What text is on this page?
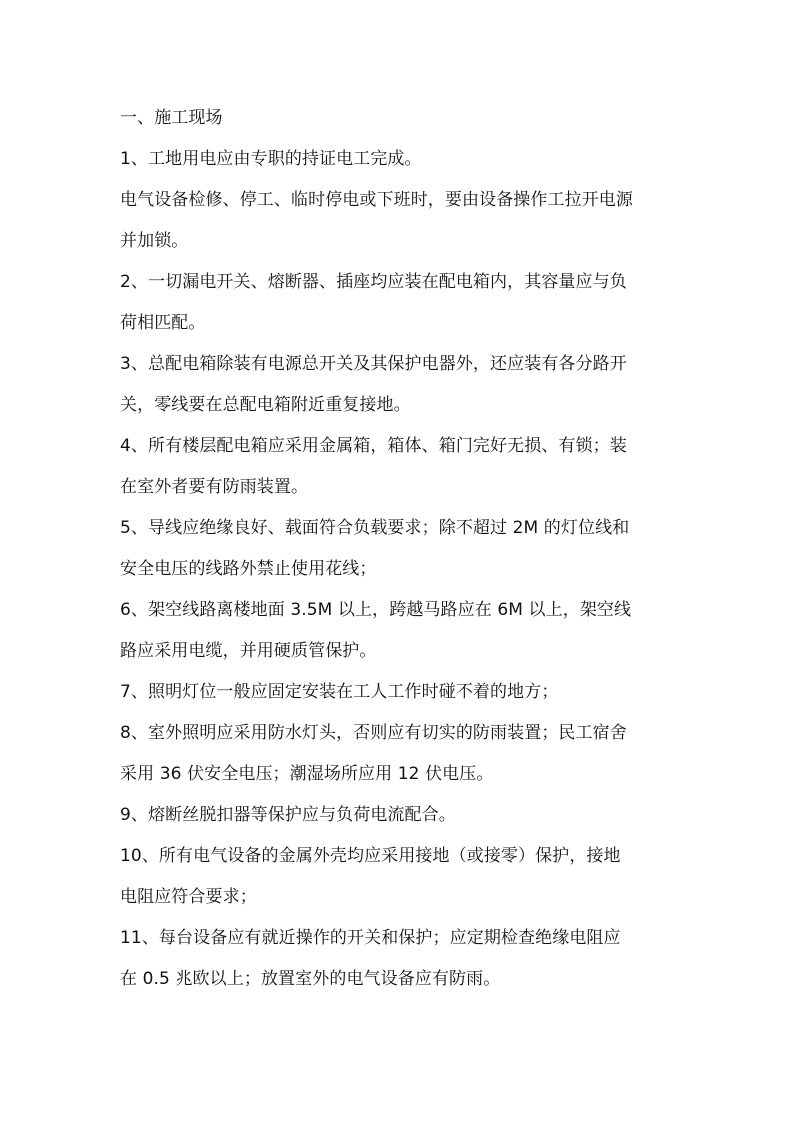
一、施工现场
1、工地用电应由专职的持证电工完成。
电气设备检修、停工、临时停电或下班时，要由设备操作工拉开电源
并加锁。
2、一切漏电开关、熔断器、插座均应装在配电箱内，其容量应与负
荷相匹配。
3、总配电箱除装有电源总开关及其保护电器外，还应装有各分路开
关，零线要在总配电箱附近重复接地。
4、所有楼层配电箱应采用金属箱，箱体、箱门完好无损、有锁；装
在室外者要有防雨装置。
5、导线应绝缘良好、载面符合负载要求；除不超过 2M 的灯位线和
安全电压的线路外禁止使用花线；
6、架空线路离楼地面 3.5M 以上，跨越马路应在 6M 以上，架空线
路应采用电缆，并用硬质管保护。
7、照明灯位一般应固定安装在工人工作时碰不着的地方；
8、室外照明应采用防水灯头，否则应有切实的防雨装置；民工宿舍
采用 36 伏安全电压；潮湿场所应用 12 伏电压。
9、熔断丝脱扣器等保护应与负荷电流配合。
10、所有电气设备的金属外壳均应采用接地（或接零）保护，接地
电阻应符合要求；
11、每台设备应有就近操作的开关和保护；应定期检查绝缘电阻应
在 0.5 兆欧以上；放置室外的电气设备应有防雨。
